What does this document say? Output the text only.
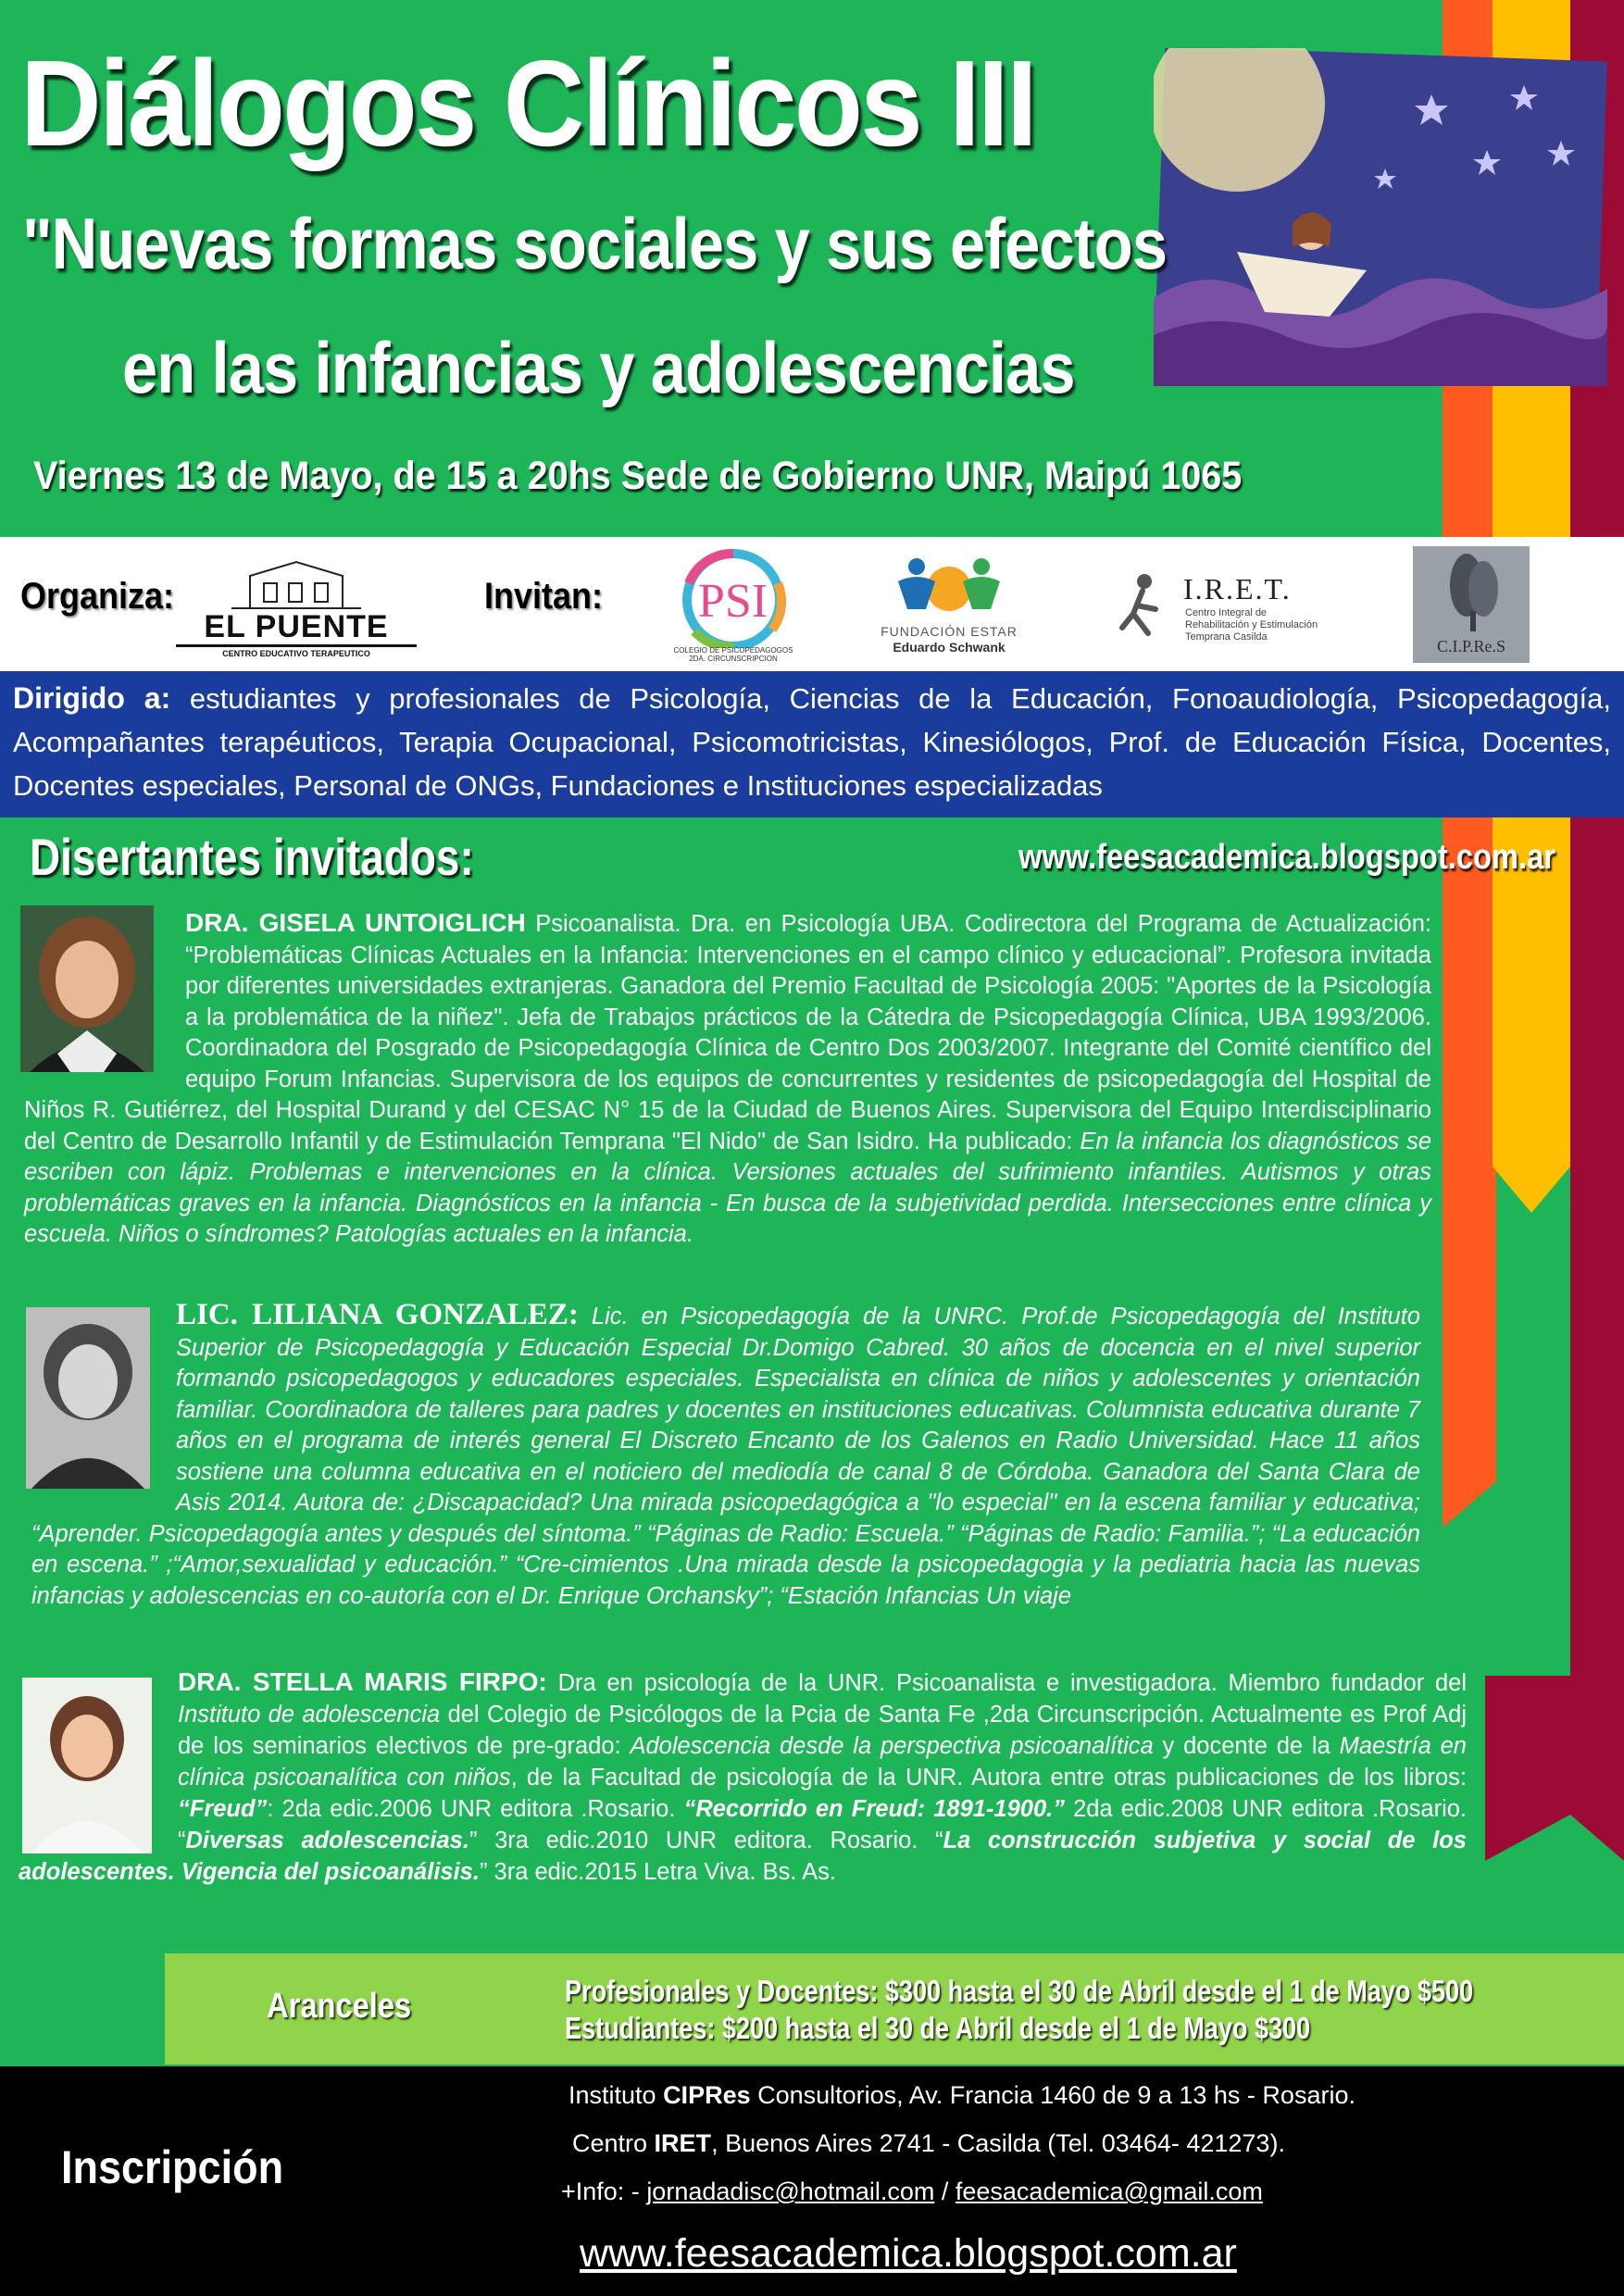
Diálogos Clínicos III
"Nuevas formas sociales y sus efectos
en las infancias y adolescencias
Viernes 13 de Mayo, de 15 a 20hs Sede de Gobierno UNR, Maipú 1065
Organiza:
EL PUENTE
CENTRO EDUCATIVO TERAPEUTICO
Invitan:	PSI
COLEGIO DE PSICOPEDAGOGOS 2DA. CIRCUNSCRIPCION
FUNDACIÓN ESTAR
Eduardo Schwank
I.R.E.T.
Centro Integral de
Rehabilitación y Estimulación
Temprana Casilda	C.I.P.Re.S
Dirigido a: estudiantes y profesionales de Psicología, Ciencias de la Educación, Fonoaudiología, Psicopedagogía, Acompañantes terapéuticos, Terapia Ocupacional, Psicomotricistas, Kinesiólogos, Prof. de Educación Física, Docentes, Docentes especiales, Personal de ONGs, Fundaciones e Instituciones especializadas
Disertantes invitados:	www.feesacademica.blogspot.com.ar
DRA. GISELA UNTOIGLICH Psicoanalista. Dra. en Psicología UBA. Codirectora del Programa de Actualización: “Problemáticas Clínicas Actuales en la Infancia: Intervenciones en el campo clínico y educacional”. Profesora invitada por diferentes universidades extranjeras. Ganadora del Premio Facultad de Psicología 2005: "Aportes de la Psicología a la problemática de la niñez". Jefa de Trabajos prácticos de la Cátedra de Psicopedagogía Clínica, UBA 1993/2006. Coordinadora del Posgrado de Psicopedagogía Clínica de Centro Dos 2003/2007. Integrante del Comité científico del equipo Forum Infancias. Supervisora de los equipos de concurrentes y residentes de psicopedagogía del Hospital de Niños R. Gutiérrez, del Hospital Durand y del CESAC N° 15 de la Ciudad de Buenos Aires. Supervisora del Equipo Interdisciplinario del Centro de Desarrollo Infantil y de Estimulación Temprana "El Nido" de San Isidro. Ha publicado: En la infancia los diagnósticos se escriben con lápiz. Problemas e intervenciones en la clínica. Versiones actuales del sufrimiento infantiles. Autismos y otras problemáticas graves en la infancia. Diagnósticos en la infancia - En busca de la subjetividad perdida. Intersecciones entre clínica y escuela. Niños o síndromes? Patologías actuales en la infancia.
LIC. LILIANA GONZALEZ: Lic. en Psicopedagogía de la UNRC. Prof.de Psicopedagogía del Instituto Superior de Psicopedagogía y Educación Especial Dr.Domigo Cabred. 30 años de docencia en el nivel superior formando psicopedagogos y educadores especiales. Especialista en clínica de niños y adolescentes y orientación familiar. Coordinadora de talleres para padres y docentes en instituciones educativas. Columnista educativa durante 7 años en el programa de interés general El Discreto Encanto de los Galenos en Radio Universidad. Hace 11 años sostiene una columna educativa en el noticiero del mediodía de canal 8 de Córdoba. Ganadora del Santa Clara de Asis 2014. Autora de: ¿Discapacidad? Una mirada psicopedagógica a "lo especial" en la escena familiar y educativa; “Aprender. Psicopedagogía antes y después del síntoma.” “Páginas de Radio: Escuela.” “Páginas de Radio: Familia.”; “La educación en escena.” ;“Amor,sexualidad y educación.” “Cre-cimientos .Una mirada desde la psicopedagogia y la pediatria hacia las nuevas infancias y adolescencias en co-autoría con el Dr. Enrique Orchansky”; “Estación Infancias Un viaje
DRA. STELLA MARIS FIRPO: Dra en psicología de la UNR. Psicoanalista e investigadora. Miembro fundador del Instituto de adolescencia del Colegio de Psicólogos de la Pcia de Santa Fe ,2da Circunscripción. Actualmente es Prof Adj de los seminarios electivos de pre-grado: Adolescencia desde la perspectiva psicoanalítica y docente de la Maestría en clínica psicoanalítica con niños, de la Facultad de psicología de la UNR. Autora entre otras publicaciones de los libros: “Freud”: 2da edic.2006 UNR editora .Rosario. “Recorrido en Freud: 1891-1900.” 2da edic.2008 UNR editora .Rosario. “Diversas adolescencias.” 3ra edic.2010 UNR editora. Rosario. “La construcción subjetiva y social de los adolescentes. Vigencia del psicoanálisis.” 3ra edic.2015 Letra Viva. Bs. As.
Aranceles	Profesionales y Docentes: $300 hasta el 30 de Abril desde el 1 de Mayo $500
Estudiantes: $200 hasta el 30 de Abril desde el 1 de Mayo $300
Inscripción
Instituto CIPRes Consultorios, Av. Francia 1460 de 9 a 13 hs - Rosario.
Centro IRET, Buenos Aires 2741 - Casilda (Tel. 03464- 421273).
+Info: - jornadadisc@hotmail.com / feesacademica@gmail.com
www.feesacademica.blogspot.com.ar
